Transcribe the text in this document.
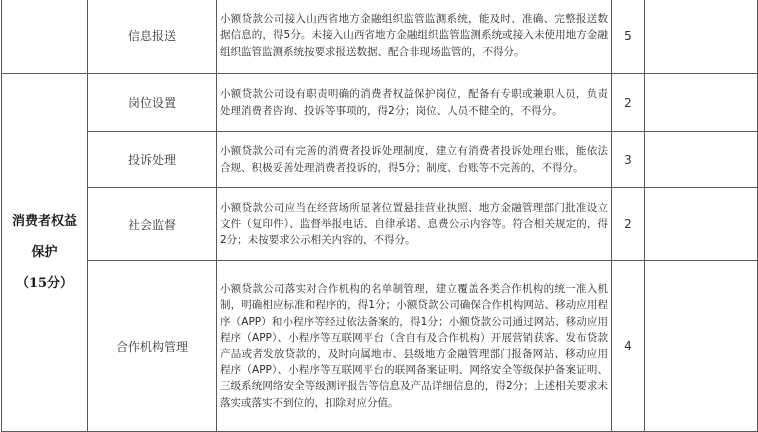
	信息报送	小额贷款公司接入山西省地方金融组织监管监测系统，能及时、准确、完整报送数据信息的，得5分。未接入山西省地方金融组织监管监测系统或接入未使用地方金融组织监管监测系统按要求报送数据、配合非现场监管的，不得分。	5	

消费者权益
保护
（15分）	岗位设置	小额贷款公司设有职责明确的消费者权益保护岗位，配备有专职或兼职人员，负责处理消费者咨询、投诉等事项的，得2分；岗位、人员不健全的，不得分。	2	
	投诉处理	小额贷款公司有完善的消费者投诉处理制度，建立有消费者投诉处理台账，能依法合规、积极妥善处理消费者投诉的，得5分；制度、台账等不完善的，不得分。	3	
	社会监督	小额贷款公司应当在经营场所显著位置悬挂营业执照、地方金融管理部门批准设立文件（复印件）、监督举报电话、自律承诺、息费公示内容等。符合相关规定的，得2分；未按要求公示相关内容的，不得分。	2	
	合作机构管理	小额贷款公司落实对合作机构的名单制管理，建立覆盖各类合作机构的统一准入机制，明确相应标准和程序的，得1分；小额贷款公司确保合作机构网站、移动应用程序（APP）和小程序等经过依法备案的，得1分；小额贷款公司通过网站、移动应用程序（APP）、小程序等互联网平台（含自有及合作机构）开展营销获客、发布贷款产品或者发放贷款的，及时向属地市、县级地方金融管理部门报备网站、移动应用程序（APP）、小程序等互联网平台的联网备案证明、网络安全等级保护备案证明、三级系统网络安全等级测评报告等信息及产品详细信息的，得2分；上述相关要求未落实或落实不到位的，扣除对应分值。	4	
